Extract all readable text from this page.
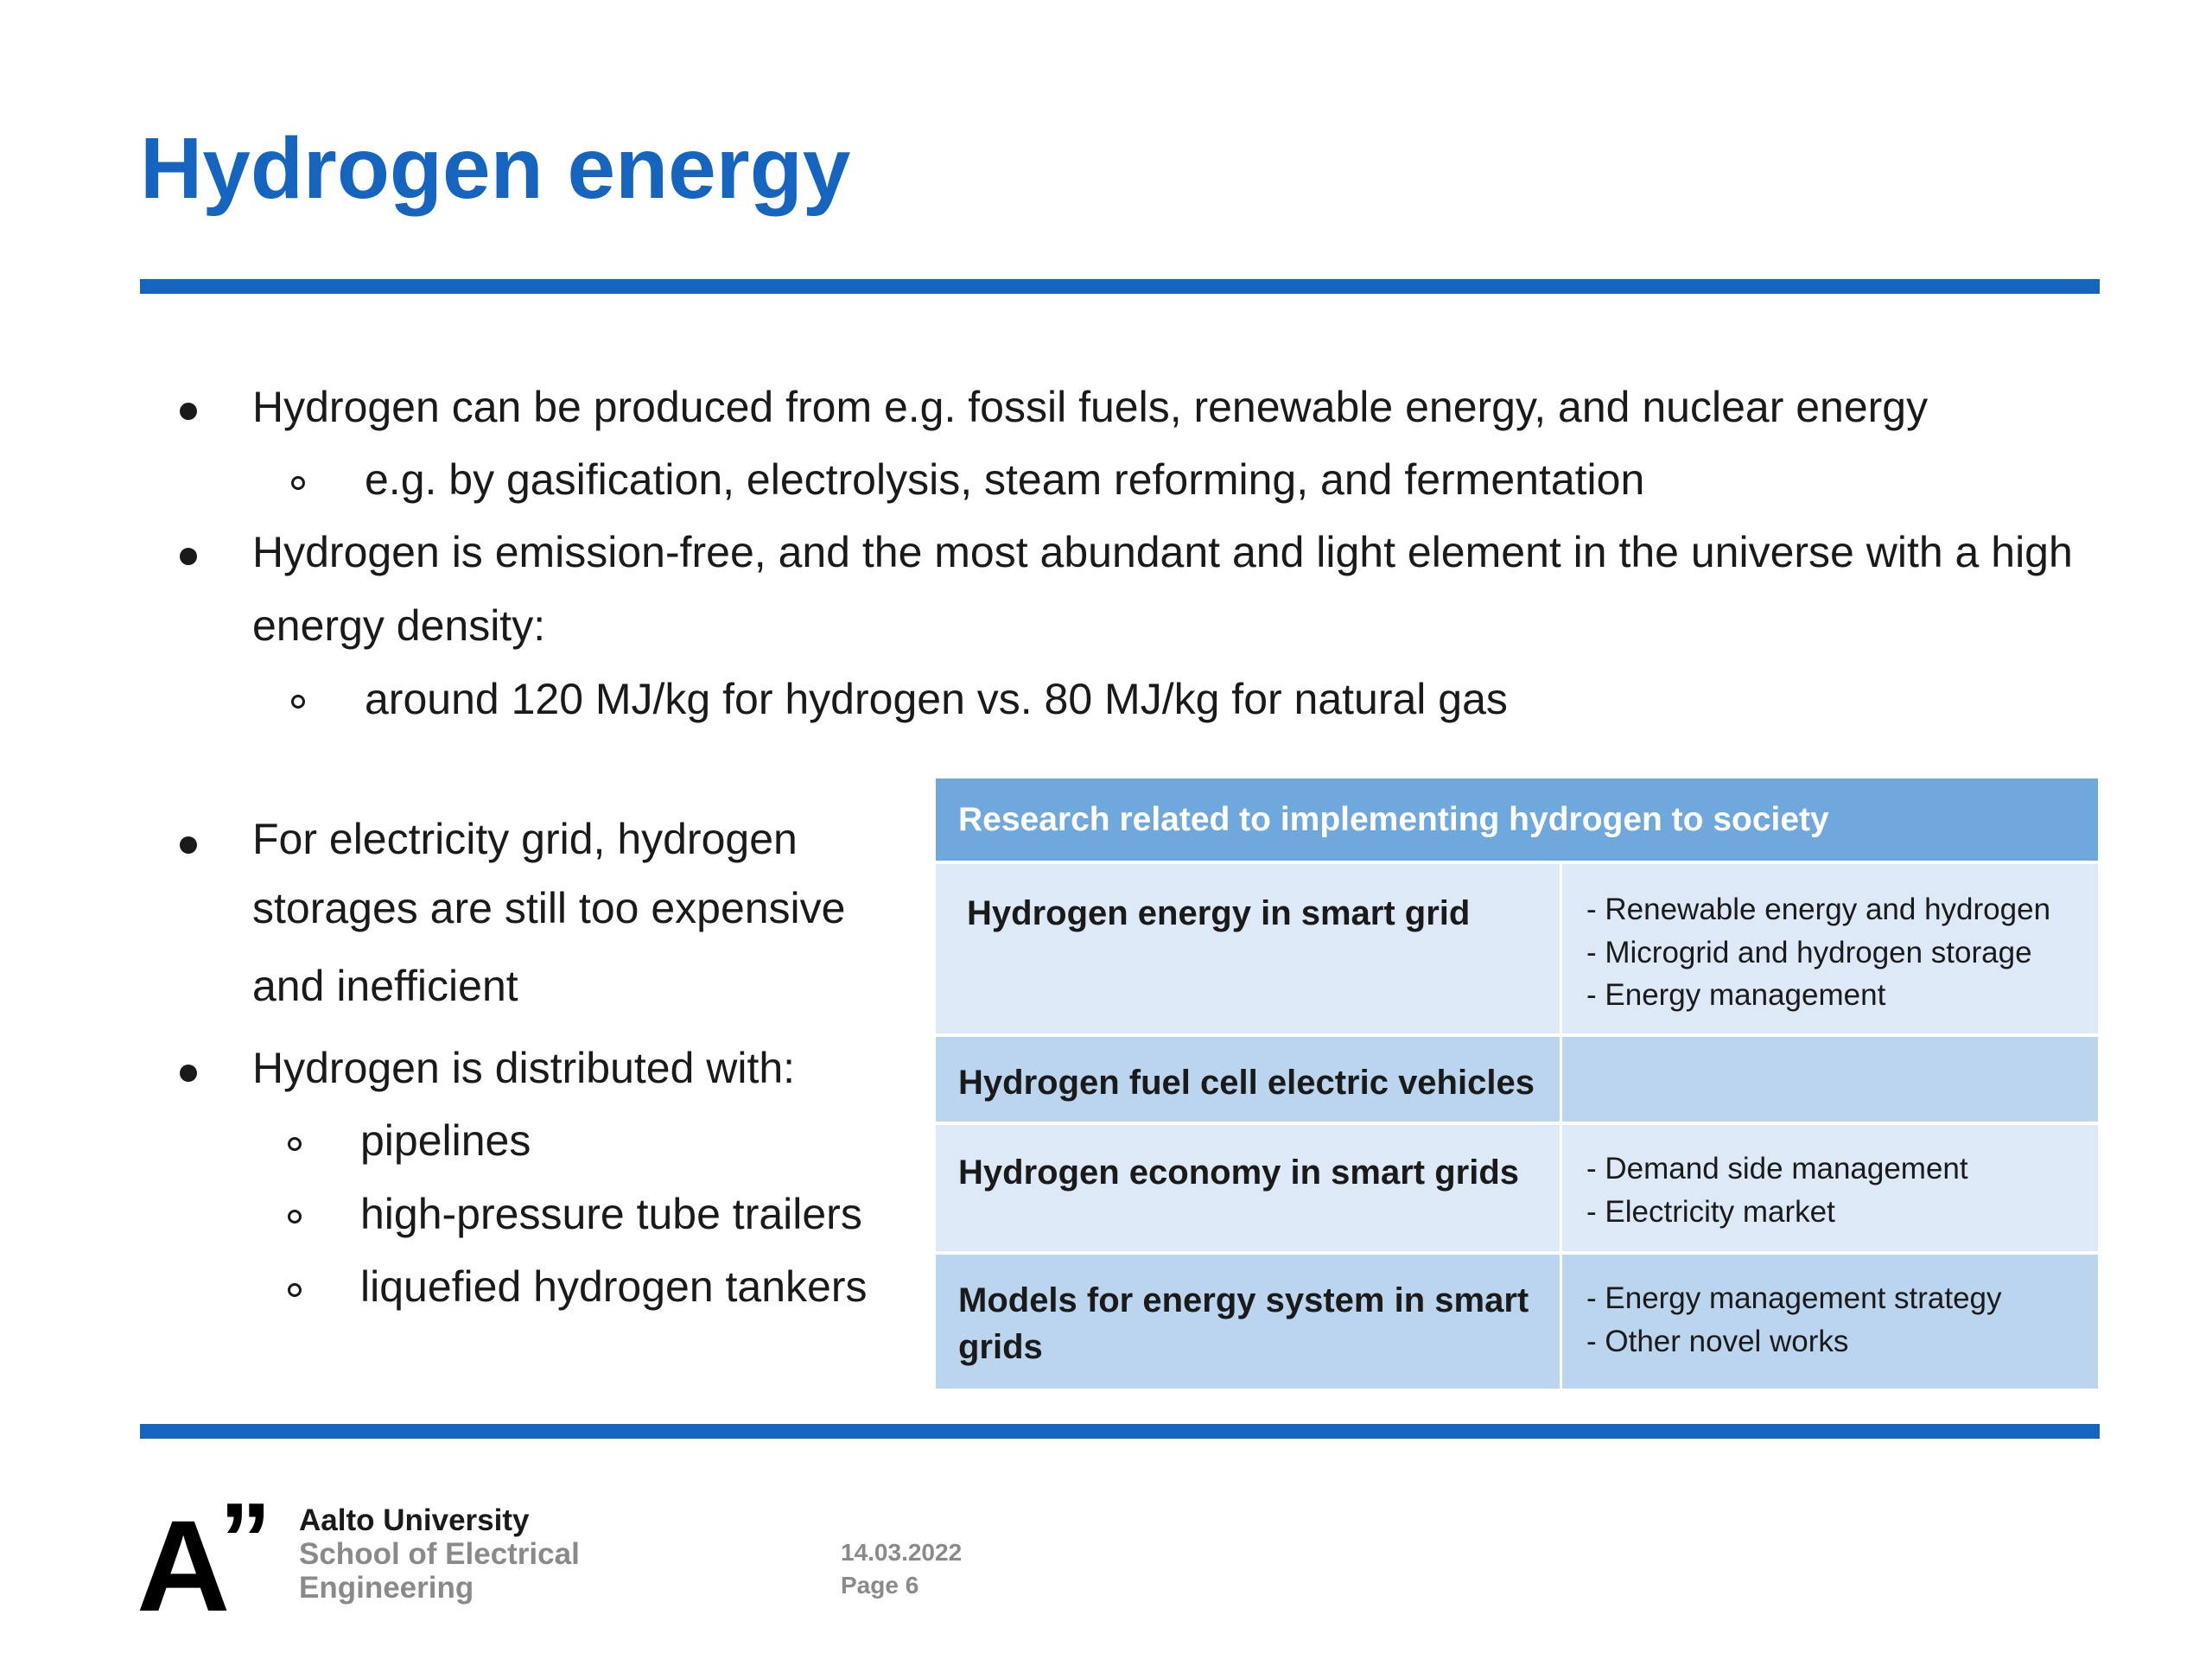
Hydrogen energy
Hydrogen can be produced from e.g. fossil fuels, renewable energy, and nuclear energy
e.g. by gasification, electrolysis, steam reforming, and fermentation
Hydrogen is emission-free, and the most abundant and light element in the universe with a high
energy density:
around 120 MJ/kg for hydrogen vs. 80 MJ/kg for natural gas
For electricity grid, hydrogen
storages are still too expensive
and inefficient
Hydrogen is distributed with:
pipelines
high-pressure tube trailers
liquefied hydrogen tankers
Research related to implementing hydrogen to society
Hydrogen energy in smart grid	- Renewable energy and hydrogen
- Microgrid and hydrogen storage
- Energy management
Hydrogen fuel cell electric vehicles
Hydrogen economy in smart grids	- Demand side management
- Electricity market
Models for energy system in smart
grids
- Energy management strategy
- Other novel works
A
” Aalto University
School of Electrical
Engineering
14.03.2022
Page 6
